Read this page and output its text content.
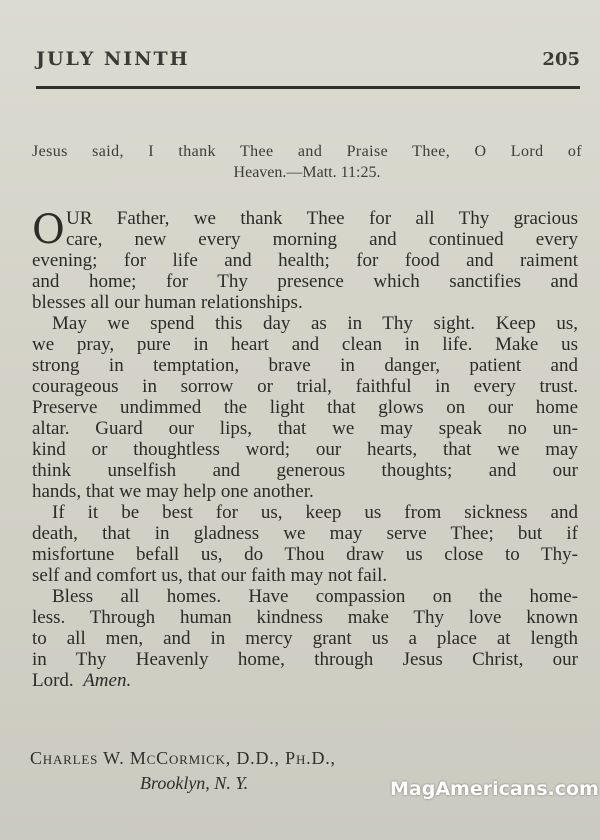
JULY NINTH	205
Jesus said, I thank Thee and Praise Thee, O Lord of
Heaven.—Matt. 11:25.
O UR Father, we thank Thee for all Thy gracious
care, new every morning and continued every
evening; for life and health; for food and raiment
and home; for Thy presence which sanctifies and
blesses all our human relationships.
May we spend this day as in Thy sight. Keep us,
we pray, pure in heart and clean in life. Make us
strong in temptation, brave in danger, patient and
courageous in sorrow or trial, faithful in every trust.
Preserve undimmed the light that glows on our home
altar. Guard our lips, that we may speak no un-
kind or thoughtless word; our hearts, that we may
think unselfish and generous thoughts; and our
hands, that we may help one another.
If it be best for us, keep us from sickness and
death, that in gladness we may serve Thee; but if
misfortune befall us, do Thou draw us close to Thy-
self and comfort us, that our faith may not fail.
Bless all homes. Have compassion on the home-
less. Through human kindness make Thy love known
to all men, and in mercy grant us a place at length
in Thy Heavenly home, through Jesus Christ, our
Lord. Amen.
Charles W. McCormick, D.D., Ph.D.,
Brooklyn, N. Y.	MagAmericans.com
